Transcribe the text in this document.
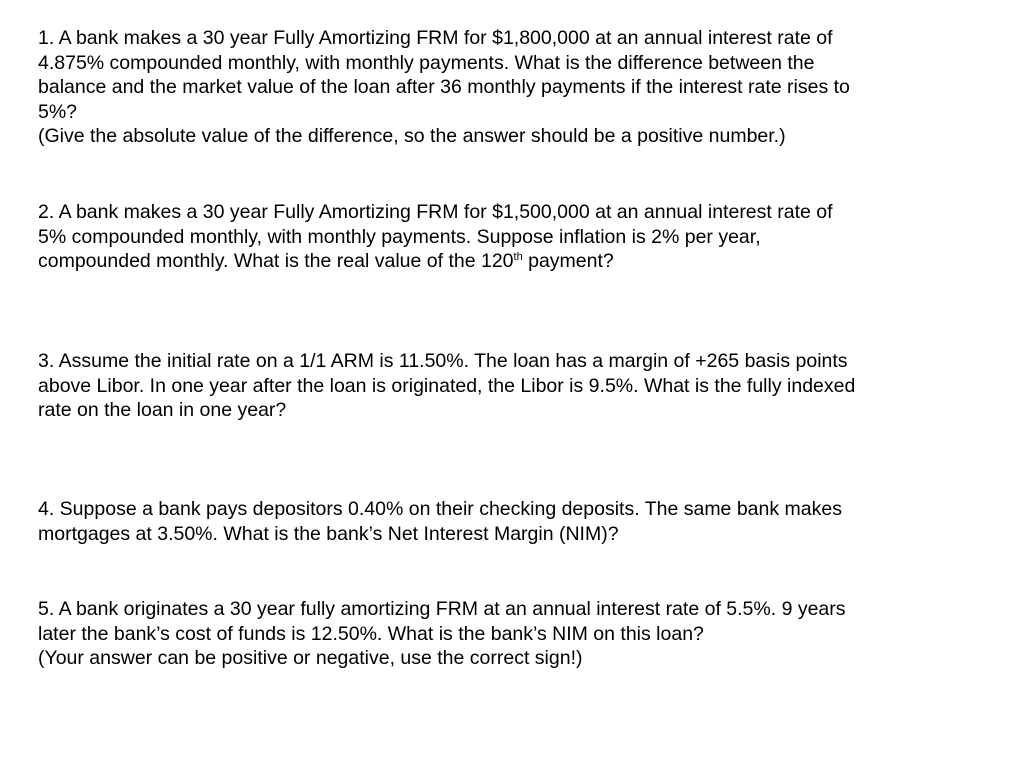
1. A bank makes a 30 year Fully Amortizing FRM for $1,800,000 at an annual interest rate of

4.875% compounded monthly, with monthly payments. What is the difference between the

balance and the market value of the loan after 36 monthly payments if the interest rate rises to

5%?

(Give the absolute value of the difference, so the answer should be a positive number.)

2. A bank makes a 30 year Fully Amortizing FRM for $1,500,000 at an annual interest rate of

5% compounded monthly, with monthly payments. Suppose inflation is 2% per year,

compounded monthly. What is the real value of the 120th payment?

3. Assume the initial rate on a 1/1 ARM is 11.50%. The loan has a margin of +265 basis points

above Libor. In one year after the loan is originated, the Libor is 9.5%. What is the fully indexed

rate on the loan in one year?

4. Suppose a bank pays depositors 0.40% on their checking deposits. The same bank makes

mortgages at 3.50%. What is the bank’s Net Interest Margin (NIM)?

5. A bank originates a 30 year fully amortizing FRM at an annual interest rate of 5.5%. 9 years

later the bank’s cost of funds is 12.50%. What is the bank’s NIM on this loan?

(Your answer can be positive or negative, use the correct sign!)
